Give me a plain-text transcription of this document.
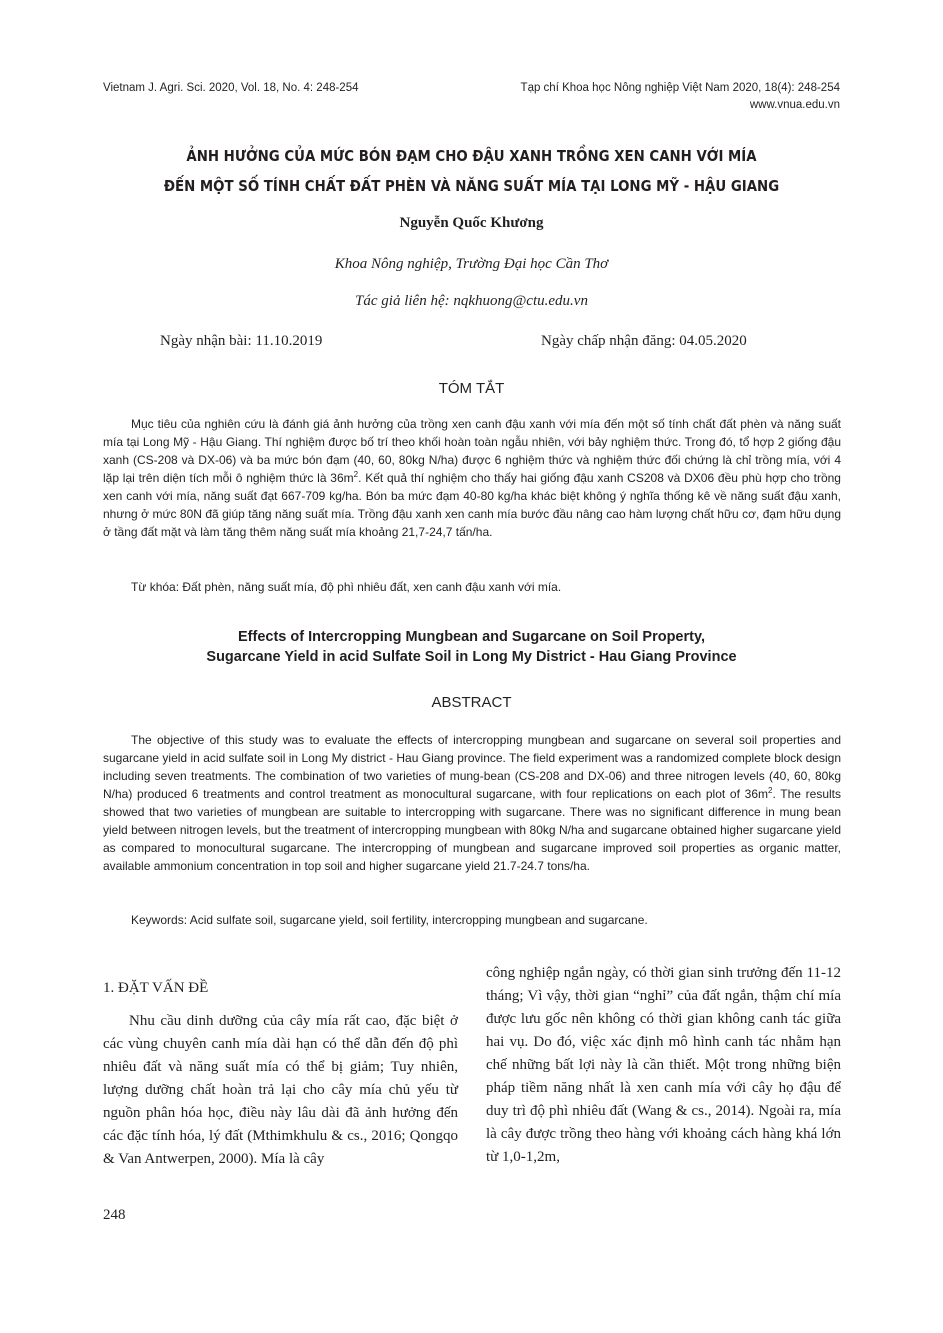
Vietnam J. Agri. Sci. 2020, Vol. 18, No. 4: 248-254	Tạp chí Khoa học Nông nghiệp Việt Nam 2020, 18(4): 248-254
www.vnua.edu.vn
ẢNH HƯỞNG CỦA MỨC BÓN ĐẠM CHO ĐẬU XANH TRỒNG XEN CANH VỚI MÍA
ĐẾN MỘT SỐ TÍNH CHẤT ĐẤT PHÈN VÀ NĂNG SUẤT MÍA TẠI LONG MỸ - HẬU GIANG
Nguyễn Quốc Khương
Khoa Nông nghiệp, Trường Đại học Cần Thơ
Tác giả liên hệ: nqkhuong@ctu.edu.vn
Ngày nhận bài: 11.10.2019	Ngày chấp nhận đăng: 04.05.2020
TÓM TẮT

Mục tiêu của nghiên cứu là đánh giá ảnh hưởng của trồng xen canh đậu xanh với mía đến một số tính chất đất phèn và năng suất mía tại Long Mỹ - Hậu Giang. Thí nghiệm được bố trí theo khối hoàn toàn ngẫu nhiên, với bảy nghiệm thức. Trong đó, tổ hợp 2 giống đậu xanh (CS-208 và DX-06) và ba mức bón đạm (40, 60, 80kg N/ha) được 6 nghiệm thức và nghiệm thức đối chứng là chỉ trồng mía, với 4 lặp lại trên diện tích mỗi ô nghiệm thức là $36m^2$. Kết quả thí nghiệm cho thấy hai giống đậu xanh CS208 và DX06 đều phù hợp cho trồng xen canh với mía, năng suất đạt 667-709 kg/ha. Bón ba mức đạm 40-80 kg/ha khác biệt không ý nghĩa thống kê về năng suất đậu xanh, nhưng ở mức 80N đã giúp tăng năng suất mía. Trồng đậu xanh xen canh mía bước đầu nâng cao hàm lượng chất hữu cơ, đạm hữu dụng ở tầng đất mặt và làm tăng thêm năng suất mía khoảng 21,7-24,7 tấn/ha.

Từ khóa: Đất phèn, năng suất mía, độ phì nhiêu đất, xen canh đậu xanh với mía.
Effects of Intercropping Mungbean and Sugarcane on Soil Property,
Sugarcane Yield in acid Sulfate Soil in Long My District - Hau Giang Province
ABSTRACT

The objective of this study was to evaluate the effects of intercropping mungbean and sugarcane on several soil properties and sugarcane yield in acid sulfate soil in Long My district - Hau Giang province. The field experiment was a randomized complete block design including seven treatments. The combination of two varieties of mung-bean (CS-208 and DX-06) and three nitrogen levels (40, 60, 80kg N/ha) produced 6 treatments and control treatment as monocultural sugarcane, with four replications on each plot of $36m^2$. The results showed that two varieties of mungbean are suitable to intercropping with sugarcane. There was no significant difference in mung bean yield between nitrogen levels, but the treatment of intercropping mungbean with 80kg N/ha and sugarcane obtained higher sugarcane yield as compared to monocultural sugarcane. The intercropping of mungbean and sugarcane improved soil properties as organic matter, available ammonium concentration in top soil and higher sugarcane yield 21.7-24.7 tons/ha.

Keywords: Acid sulfate soil, sugarcane yield, soil fertility, intercropping mungbean and sugarcane.
1. ĐẶT VẤN ĐỀ

Nhu cầu dinh dưỡng của cây mía rất cao, đặc biệt ở các vùng chuyên canh mía dài hạn có thể dẫn đến độ phì nhiêu đất và năng suất mía có thể bị giảm; Tuy nhiên, lượng dưỡng chất hoàn trả lại cho cây mía chủ yếu từ nguồn phân hóa học, điều này lâu dài đã ảnh hưởng đến các đặc tính hóa, lý đất (Mthimkhulu & cs., 2016; Qongqo & Van Antwerpen, 2000). Mía là cây

công nghiệp ngắn ngày, có thời gian sinh trưởng đến 11-12 tháng; Vì vậy, thời gian “nghỉ” của đất ngắn, thậm chí mía được lưu gốc nên không có thời gian không canh tác giữa hai vụ. Do đó, việc xác định mô hình canh tác nhằm hạn chế những bất lợi này là cần thiết. Một trong những biện pháp tiềm năng nhất là xen canh mía với cây họ đậu để duy trì độ phì nhiêu đất (Wang & cs., 2014). Ngoài ra, mía là cây được trồng theo hàng với khoảng cách hàng khá lớn từ 1,0-1,2m,

248
